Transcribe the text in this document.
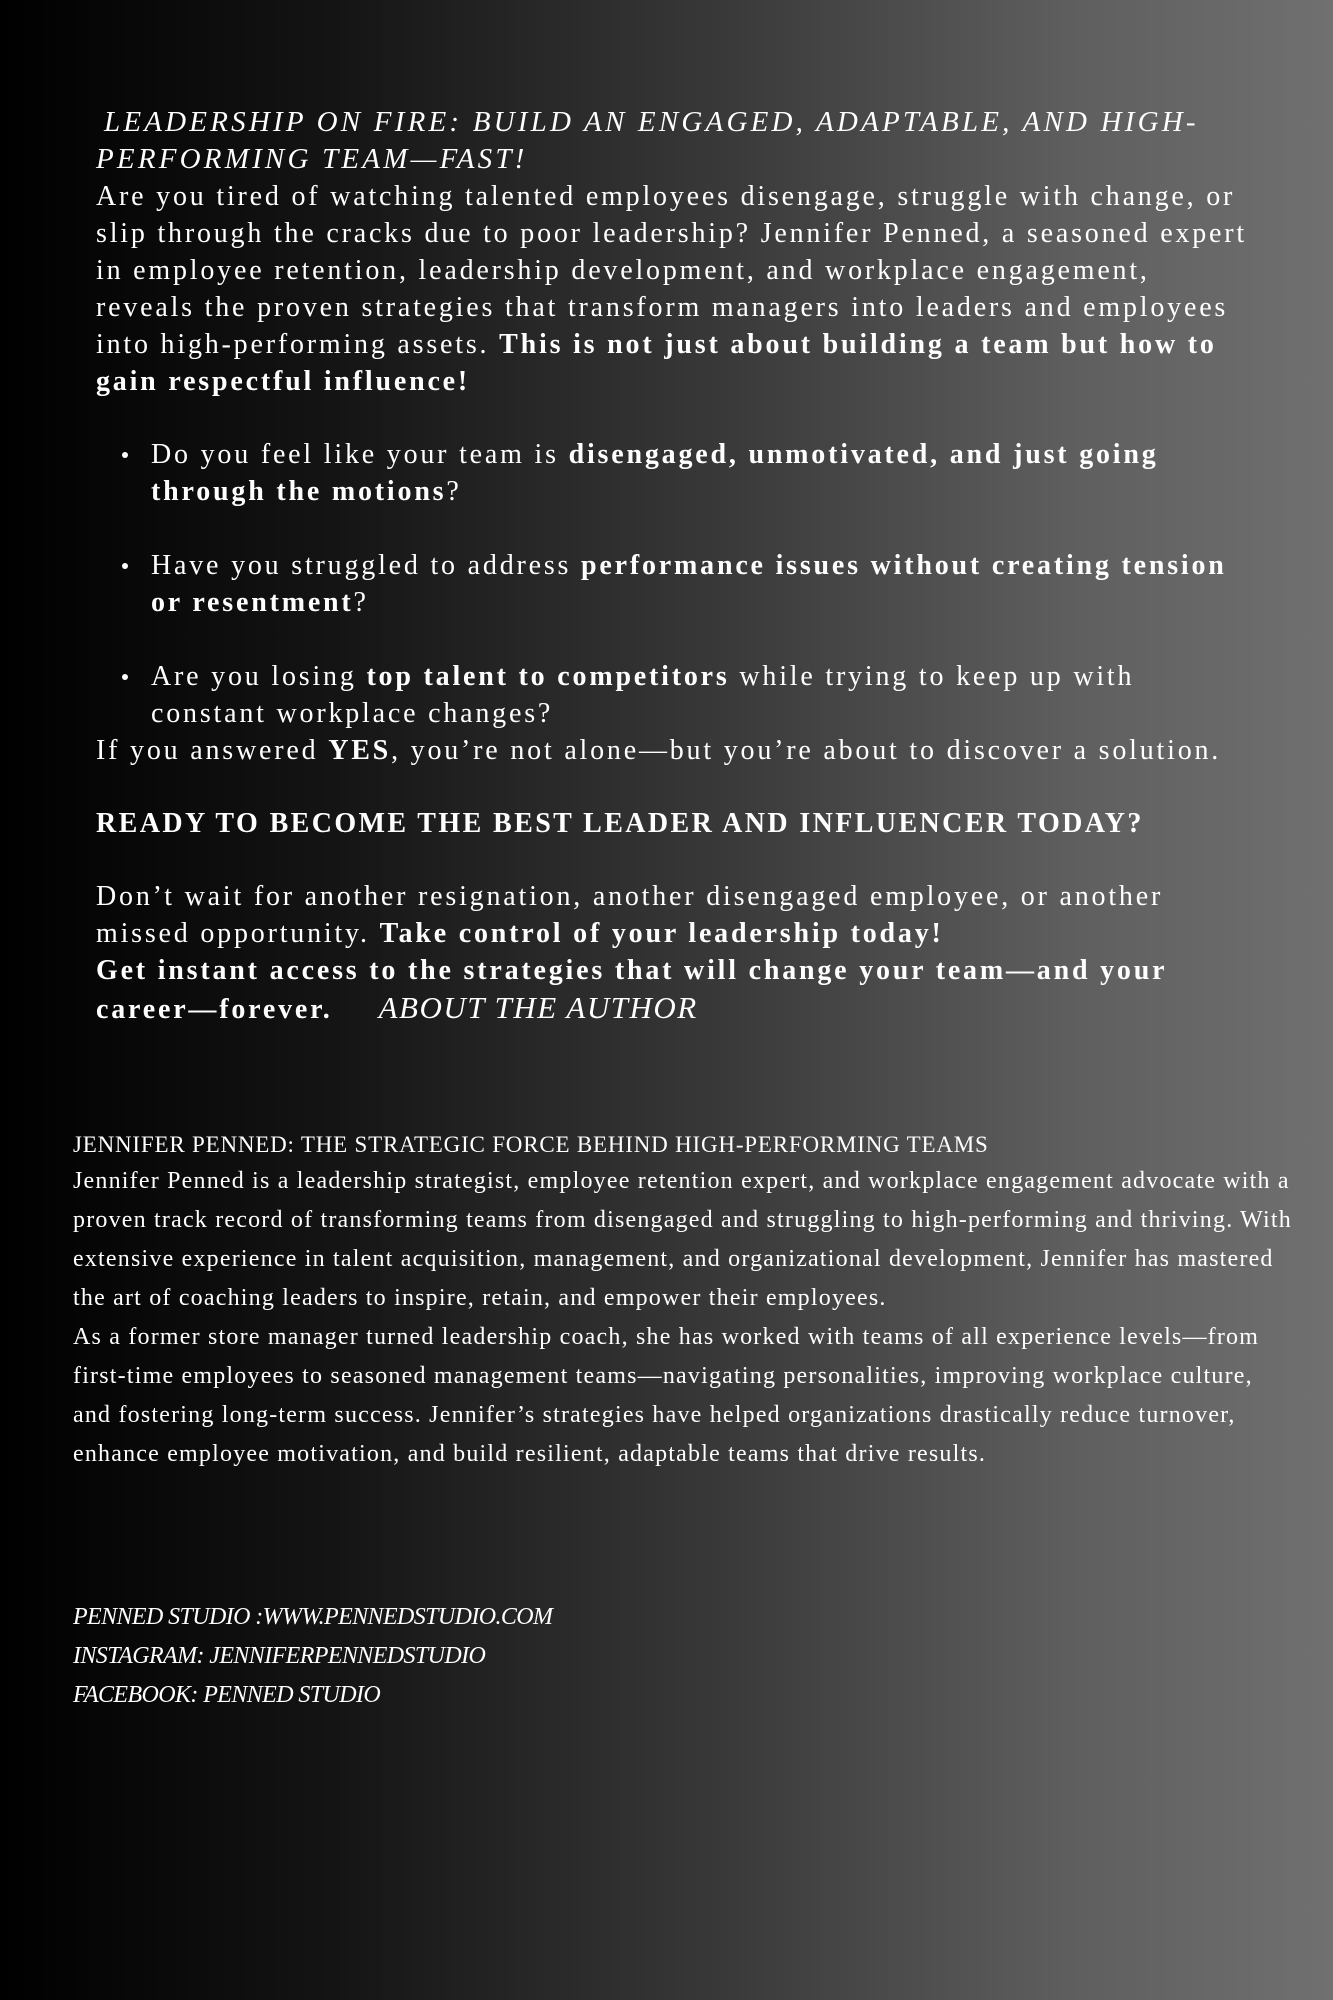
LEADERSHIP ON FIRE: BUILD AN ENGAGED, ADAPTABLE, AND HIGH-
PERFORMING TEAM—FAST!

Are you tired of watching talented employees disengage, struggle with change, or slip through the cracks due to poor leadership? Jennifer Penned, a seasoned expert in employee retention, leadership development, and workplace engagement, reveals the proven strategies that transform managers into leaders and employees into high-performing assets. This is not just about building a team but how to gain respectful influence!

Do you feel like your team is disengaged, unmotivated, and just going through the motions?
Have you struggled to address performance issues without creating tension or resentment?
Are you losing top talent to competitors while trying to keep up with constant workplace changes?

If you answered YES, you’re not alone—but you’re about to discover a solution.

READY TO BECOME THE BEST LEADER AND INFLUENCER TODAY?

Don’t wait for another resignation, another disengaged employee, or another missed opportunity. Take control of your leadership today!
Get instant access to the strategies that will change your team—and your career—forever. ABOUT THE AUTHOR

JENNIFER PENNED: THE STRATEGIC FORCE BEHIND HIGH-PERFORMING TEAMS

Jennifer Penned is a leadership strategist, employee retention expert, and workplace engagement advocate with a proven track record of transforming teams from disengaged and struggling to high-performing and thriving. With extensive experience in talent acquisition, management, and organizational development, Jennifer has mastered the art of coaching leaders to inspire, retain, and empower their employees.

As a former store manager turned leadership coach, she has worked with teams of all experience levels—from first-time employees to seasoned management teams—navigating personalities, improving workplace culture, and fostering long-term success. Jennifer’s strategies have helped organizations drastically reduce turnover, enhance employee motivation, and build resilient, adaptable teams that drive results.

PENNED STUDIO :WWW.PENNEDSTUDIO.COM

INSTAGRAM: JENNIFERPENNEDSTUDIO

FACEBOOK: PENNED STUDIO
